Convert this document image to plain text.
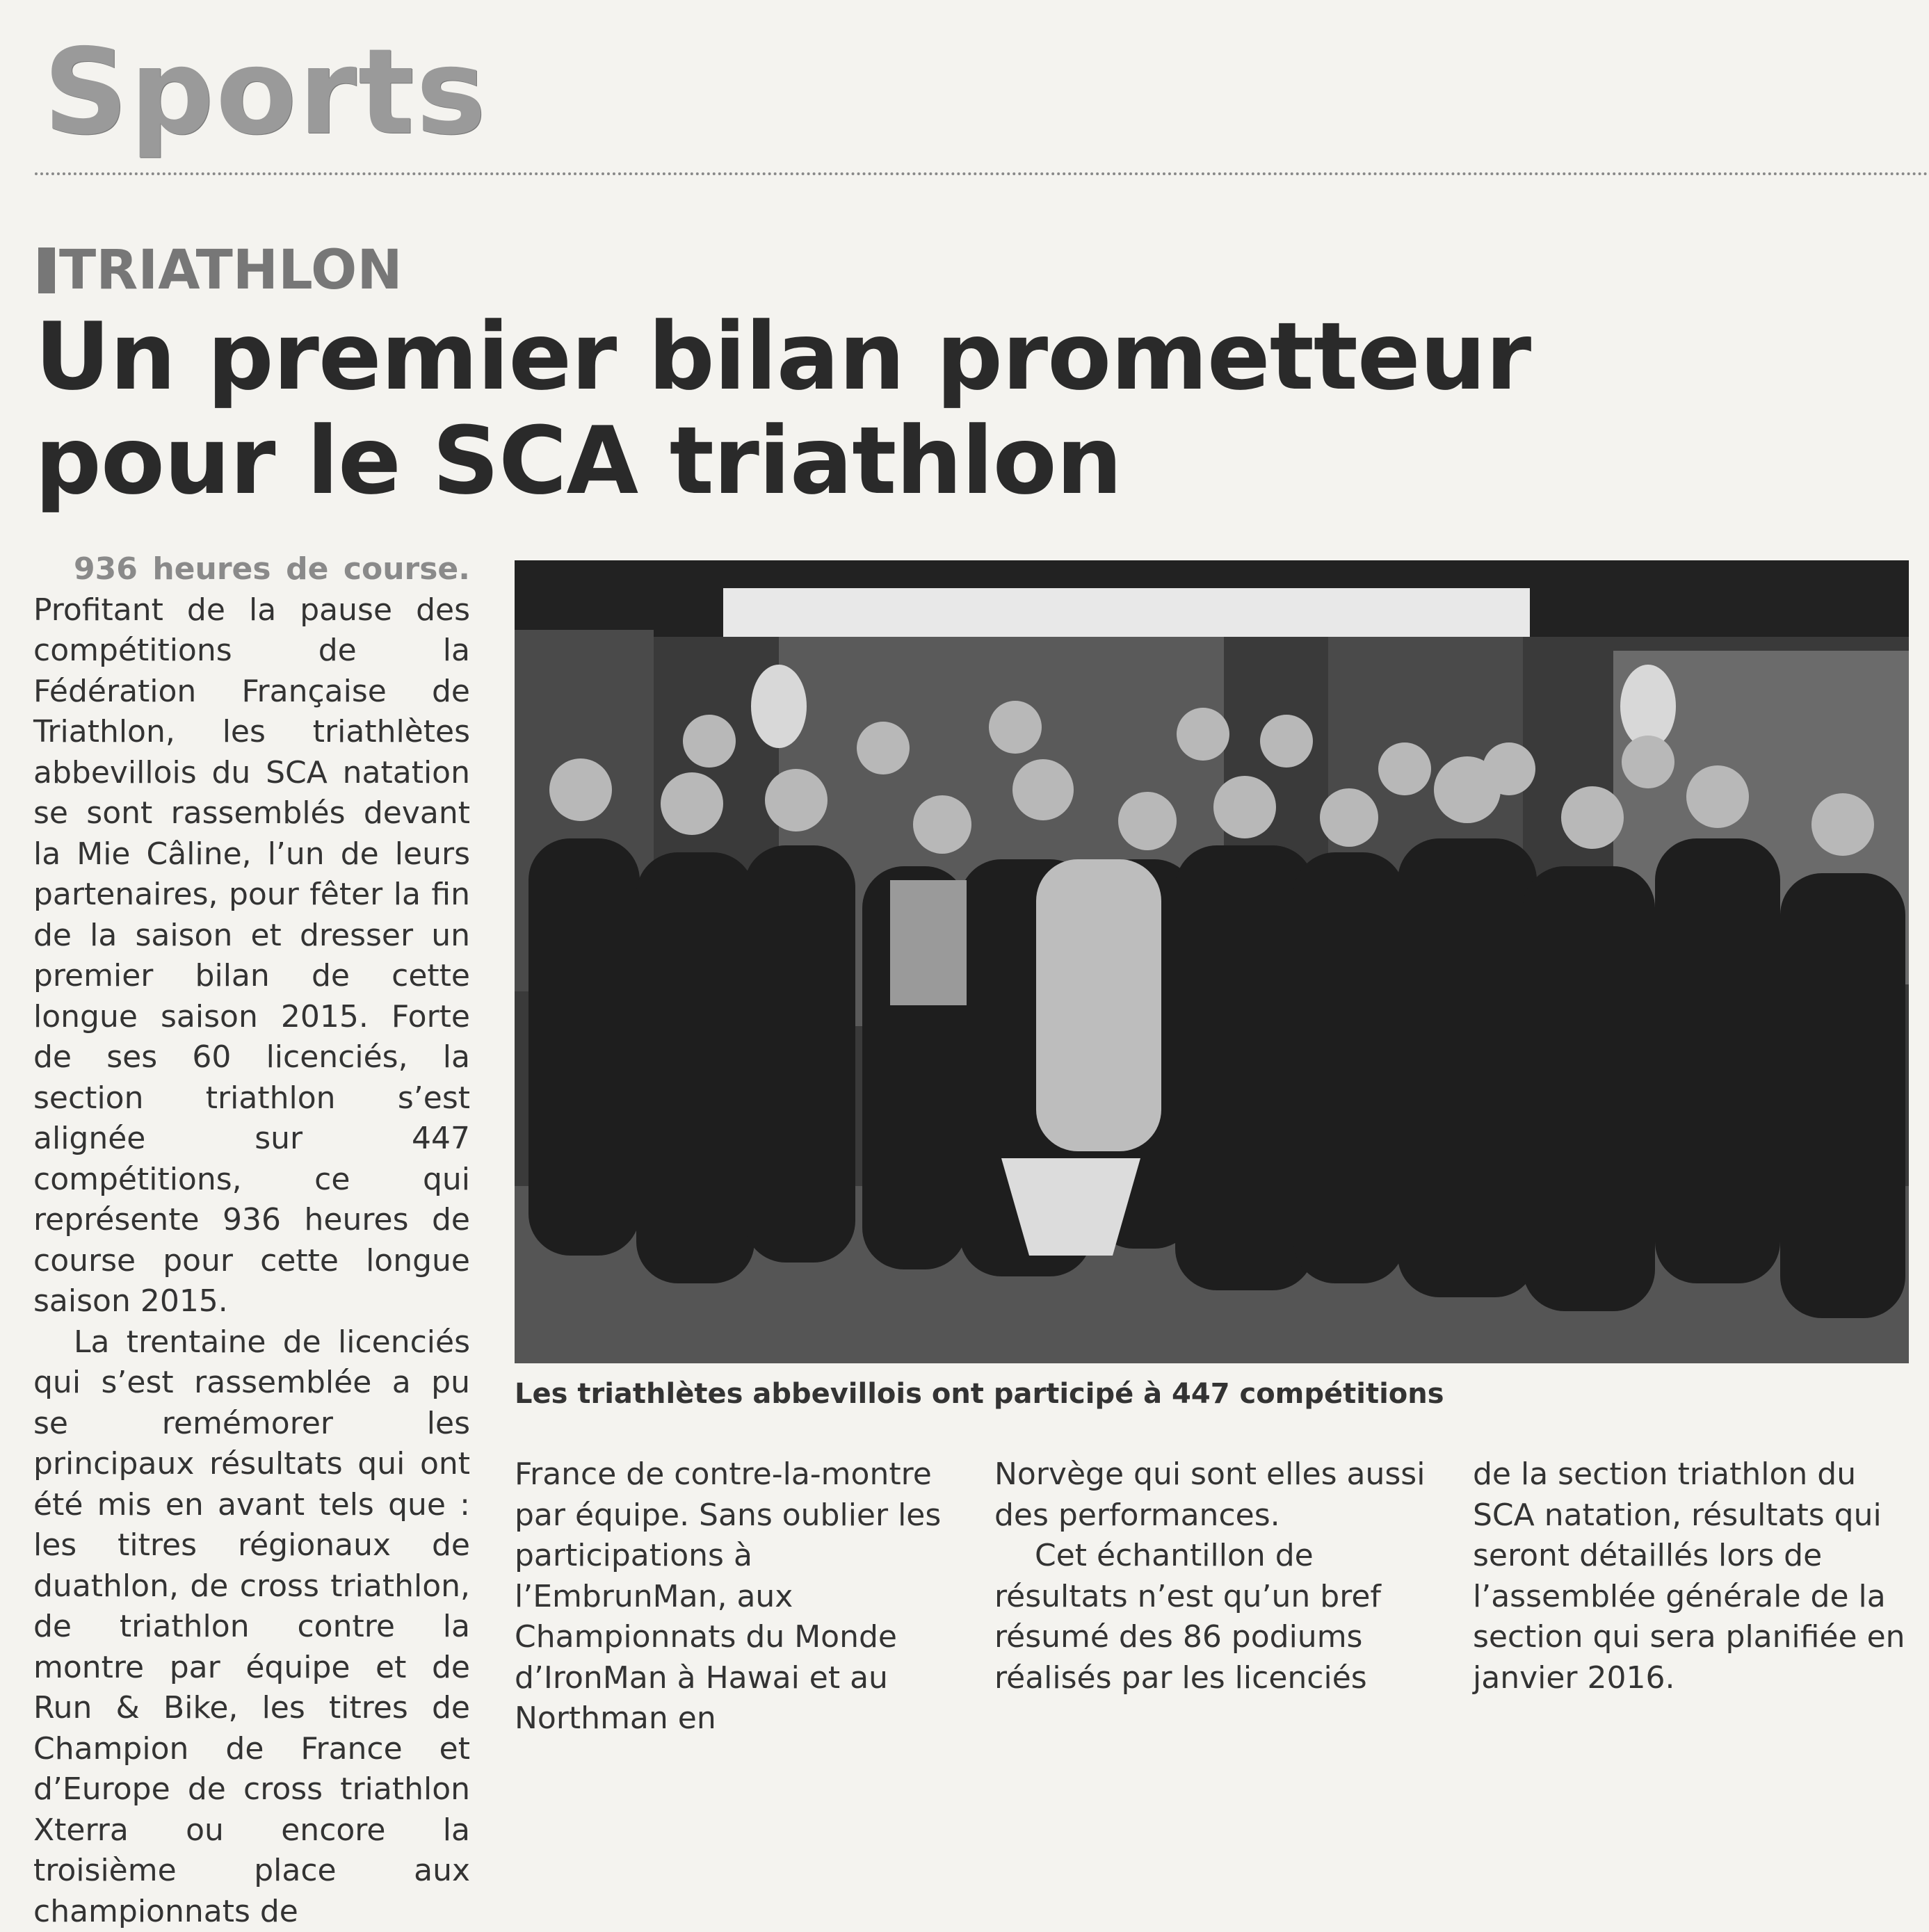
Sports
TRIATHLON
Un premier bilan prometteur
pour le SCA triathlon

936 heures de course. Profitant de la pause des compétitions de la Fédération Française de Triathlon, les triathlètes abbevillois du SCA natation se sont rassemblés devant la Mie Câline, l’un de leurs partenaires, pour fêter la fin de la saison et dresser un premier bilan de cette longue saison 2015. Forte de ses 60 licenciés, la section triathlon s’est alignée sur 447 compétitions, ce qui représente 936 heures de course pour cette longue saison 2015.

La trentaine de licenciés qui s’est rassemblée a pu se remémorer les principaux résultats qui ont été mis en avant tels que : les titres régionaux de duathlon, de cross triathlon, de triathlon contre la montre par équipe et de Run & Bike, les titres de Champion de France et d’Europe de cross triathlon Xterra ou encore la troisième place aux championnats de

Les triathlètes abbevillois ont participé à 447 compétitions

France de contre-la-montre par équipe. Sans oublier les participations à l’EmbrunMan, aux Championnats du Monde d’IronMan à Hawai et au Northman en

Norvège qui sont elles aussi des performances.

Cet échantillon de résultats n’est qu’un bref résumé des 86 podiums réalisés par les licenciés

de la section triathlon du SCA natation, résultats qui seront détaillés lors de l’assemblée générale de la section qui sera planifiée en janvier 2016.
